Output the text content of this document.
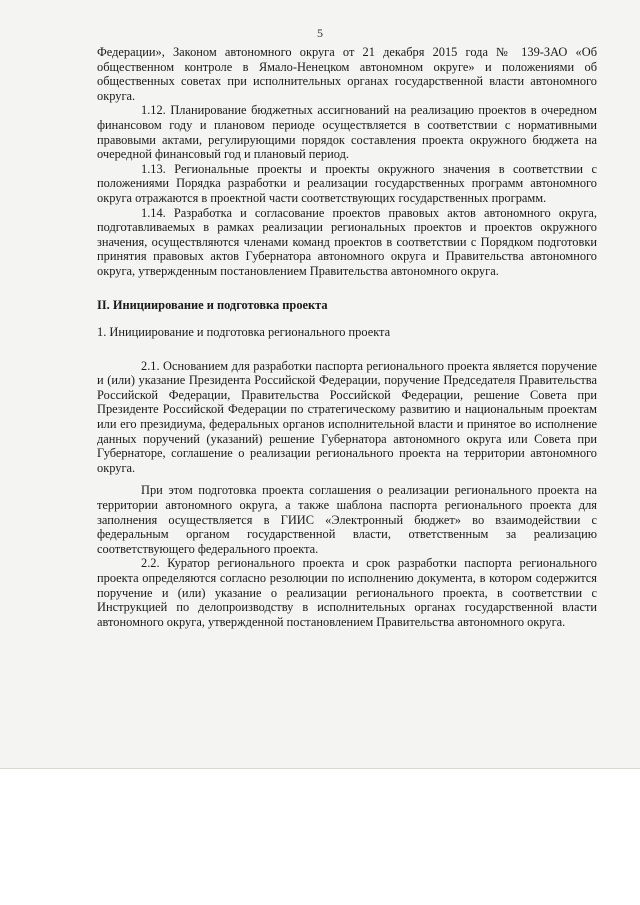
5

Федерации», Законом автономного округа от 21 декабря 2015 года № 139-ЗАО «Об общественном контроле в Ямало-Ненецком автономном округе» и положениями об общественных советах при исполнительных органах государственной власти автономного округа.

1.12. Планирование бюджетных ассигнований на реализацию проектов в очередном финансовом году и плановом периоде осуществляется в соответствии с нормативными правовыми актами, регулирующими порядок составления проекта окружного бюджета на очередной финансовый год и плановый период.

1.13. Региональные проекты и проекты окружного значения в соответствии с положениями Порядка разработки и реализации государственных программ автономного округа отражаются в проектной части соответствующих государственных программ.

1.14. Разработка и согласование проектов правовых актов автономного округа, подготавливаемых в рамках реализации региональных проектов и проектов окружного значения, осуществляются членами команд проектов в соответствии с Порядком подготовки принятия правовых актов Губернатора автономного округа и Правительства автономного округа, утвержденным постановлением Правительства автономного округа.

II. Инициирование и подготовка проекта

1. Инициирование и подготовка регионального проекта

2.1. Основанием для разработки паспорта регионального проекта является поручение и (или) указание Президента Российской Федерации, поручение Председателя Правительства Российской Федерации, Правительства Российской Федерации, решение Совета при Президенте Российской Федерации по стратегическому развитию и национальным проектам или его президиума, федеральных органов исполнительной власти и принятое во исполнение данных поручений (указаний) решение Губернатора автономного округа или Совета при Губернаторе, соглашение о реализации регионального проекта на территории автономного округа.

При этом подготовка проекта соглашения о реализации регионального проекта на территории автономного округа, а также шаблона паспорта регионального проекта для заполнения осуществляется в ГИИС «Электронный бюджет» во взаимодействии с федеральным органом государственной власти, ответственным за реализацию соответствующего федерального проекта.

2.2. Куратор регионального проекта и срок разработки паспорта регионального проекта определяются согласно резолюции по исполнению документа, в котором содержится поручение и (или) указание о реализации регионального проекта, в соответствии с Инструкцией по делопроизводству в исполнительных органах государственной власти автономного округа, утвержденной постановлением Правительства автономного округа.
